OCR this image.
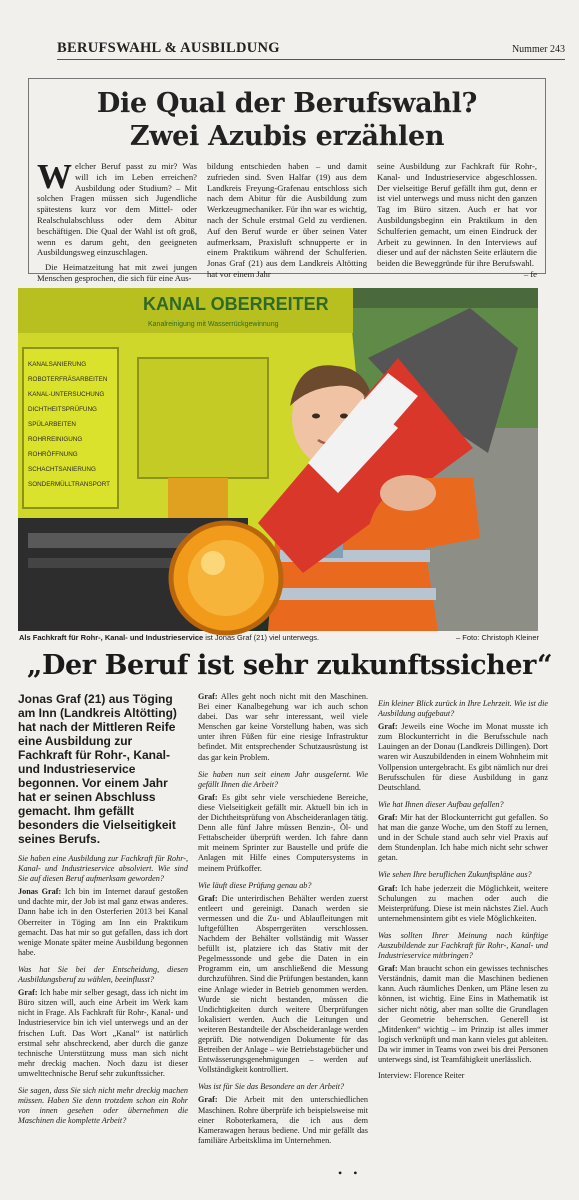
BERUFSWAHL & AUSBILDUNG	Nummer 243
Die Qual der Berufswahl?
Zwei Azubis erzählen
Welcher Beruf passt zu mir? Was will ich im Leben erreichen? Ausbildung oder Studium? – Mit solchen Fragen müssen sich Jugendliche spätestens kurz vor dem Mittel- oder Realschulabschluss oder dem Abitur beschäftigen. Die Qual der Wahl ist oft groß, wenn es darum geht, den geeigneten Ausbildungsweg einzuschlagen.

Die Heimatzeitung hat mit zwei jungen Menschen gesprochen, die sich für eine Aus-

bildung entschieden haben – und damit zufrieden sind. Sven Halfar (19) aus dem Landkreis Freyung-Grafenau entschloss sich nach dem Abitur für die Ausbildung zum Werkzeugmechaniker. Für ihn war es wichtig, nach der Schule erstmal Geld zu verdienen. Auf den Beruf wurde er über seinen Vater aufmerksam, Praxisluft schnupperte er in einem Praktikum während der Schulferien. Jonas Graf (21) aus dem Landkreis Altötting hat vor einem Jahr
seine Ausbildung zur Fachkraft für Rohr-, Kanal- und Industrieservice abgeschlossen. Der vielseitige Beruf gefällt ihm gut, denn er ist viel unterwegs und muss nicht den ganzen Tag im Büro sitzen. Auch er hat vor Ausbildungsbeginn ein Praktikum in den Schulferien gemacht, um einen Eindruck der Arbeit zu gewinnen. In den Interviews auf dieser und auf der nächsten Seite erläutern die beiden die Beweggründe für ihre Berufswahl.
– fe
KANAL OBERREITER
Kanalreinigung mit Wasserrückgewinnung
KANALSANIERUNG
ROBOTERFRÄSARBEITEN
KANAL-UNTERSUCHUNG
DICHTHEITSPRÜFUNG
SPÜLARBEITEN
ROHRREINIGUNG
ROHRÖFFNUNG
SCHACHTSANIERUNG
SONDERMÜLLTRANSPORT
Als Fachkraft für Rohr-, Kanal- und Industrieservice ist Jonas Graf (21) viel unterwegs.	– Foto: Christoph Kleiner
„Der Beruf ist sehr zukunftssicher“

Jonas Graf (21) aus Töging am Inn (Landkreis Altötting) hat nach der Mittleren Reife eine Ausbildung zur Fachkraft für Rohr-, Kanal- und Industrieservice begonnen. Vor einem Jahr hat er seinen Abschluss gemacht. Ihm gefällt besonders die Vielseitigkeit seines Berufs.

Sie haben eine Ausbildung zur Fachkraft für Rohr-, Kanal- und Industrieservice absolviert. Wie sind Sie auf diesen Beruf aufmerksam geworden?

Jonas Graf: Ich bin im Internet darauf gestoßen und dachte mir, der Job ist mal ganz etwas anderes. Dann habe ich in den Osterferien 2013 bei Kanal Oberreiter in Töging am Inn ein Praktikum gemacht. Das hat mir so gut gefallen, dass ich dort wenige Monate später meine Ausbildung begonnen habe.

Was hat Sie bei der Entscheidung, diesen Ausbildungsberuf zu wählen, beeinflusst?

Graf: Ich habe mir selber gesagt, dass ich nicht im Büro sitzen will, auch eine Arbeit im Werk kam nicht in Frage. Als Fachkraft für Rohr-, Kanal- und Industrieservice bin ich viel unterwegs und an der frischen Luft. Das Wort „Kanal“ ist natürlich erstmal sehr abschreckend, aber durch die ganze technische Unterstützung muss man sich nicht mehr dreckig machen. Noch dazu ist dieser umwelttechnische Beruf sehr zukunftssicher.

Sie sagen, dass Sie sich nicht mehr dreckig machen müssen. Haben Sie denn trotzdem schon ein Rohr von innen gesehen oder übernehmen die Maschinen die komplette Arbeit?

Graf: Alles geht noch nicht mit den Maschinen. Bei einer Kanalbegehung war ich auch schon dabei. Das war sehr interessant, weil viele Menschen gar keine Vorstellung haben, was sich unter ihren Füßen für eine riesige Infrastruktur befindet. Mit entsprechender Schutzausrüstung ist das gar kein Problem.

Sie haben nun seit einem Jahr ausgelernt. Wie gefällt Ihnen die Arbeit?

Graf: Es gibt sehr viele verschiedene Bereiche, diese Vielseitigkeit gefällt mir. Aktuell bin ich in der Dichtheitsprüfung von Abscheideranlagen tätig. Denn alle fünf Jahre müssen Benzin-, Öl- und Fettabscheider überprüft werden. Ich fahre dann mit meinem Sprinter zur Baustelle und prüfe die Anlagen mit Hilfe eines Computersystems in meinem Prüfkoffer.

Wie läuft diese Prüfung genau ab?

Graf: Die unterirdischen Behälter werden zuerst entleert und gereinigt. Danach werden sie vermessen und die Zu- und Ablaufleitungen mit luftgefüllten Absperrgeräten verschlossen. Nachdem der Behälter vollständig mit Wasser befüllt ist, platziere ich das Stativ mit der Pegelmesssonde und gebe die Daten in ein Programm ein, um anschließend die Messung durchzuführen. Sind die Prüfungen bestanden, kann eine Anlage wieder in Betrieb genommen werden. Wurde sie nicht bestanden, müssen die Undichtigkeiten durch weitere Überprüfungen lokalisiert werden. Auch die Leitungen und weiteren Bestandteile der Abscheideranlage werden geprüft. Die notwendigen Dokumente für das Betreiben der Anlage – wie Betriebstagebücher und Entwässerungsgenehmigungen – werden auf Vollständigkeit kontrolliert.

Was ist für Sie das Besondere an der Arbeit?

Graf: Die Arbeit mit den unterschiedlichen Maschinen. Rohre überprüfe ich beispielsweise mit einer Roboterkamera, die ich aus dem Kamerawagen heraus bediene. Und mir gefällt das familiäre Arbeitsklima im Unternehmen.

Ein kleiner Blick zurück in Ihre Lehrzeit. Wie ist die Ausbildung aufgebaut?

Graf: Jeweils eine Woche im Monat musste ich zum Blockunterricht in die Berufsschule nach Lauingen an der Donau (Landkreis Dillingen). Dort waren wir Auszubildenden in einem Wohnheim mit Vollpension untergebracht. Es gibt nämlich nur drei Berufsschulen für diese Ausbildung in ganz Deutschland.

Wie hat Ihnen dieser Aufbau gefallen?

Graf: Mir hat der Blockunterricht gut gefallen. So hat man die ganze Woche, um den Stoff zu lernen, und in der Schule stand auch sehr viel Praxis auf dem Stundenplan. Ich habe mich nicht sehr schwer getan.

Wie sehen Ihre beruflichen Zukunftspläne aus?

Graf: Ich habe jederzeit die Möglichkeit, weitere Schulungen zu machen oder auch die Meisterprüfung. Diese ist mein nächstes Ziel. Auch unternehmensintern gibt es viele Möglichkeiten.

Was sollten Ihrer Meinung nach künftige Auszubildende zur Fachkraft für Rohr-, Kanal- und Industrieservice mitbringen?

Graf: Man braucht schon ein gewisses technisches Verständnis, damit man die Maschinen bedienen kann. Auch räumliches Denken, um Pläne lesen zu können, ist wichtig. Eine Eins in Mathematik ist sicher nicht nötig, aber man sollte die Grundlagen der Geometrie beherrschen. Generell ist „Mitdenken“ wichtig – im Prinzip ist alles immer logisch verknüpft und man kann vieles gut ableiten. Da wir immer in Teams von zwei bis drei Personen unterwegs sind, ist Teamfähigkeit unerlässlich.

Interview: Florence Reiter

• •
